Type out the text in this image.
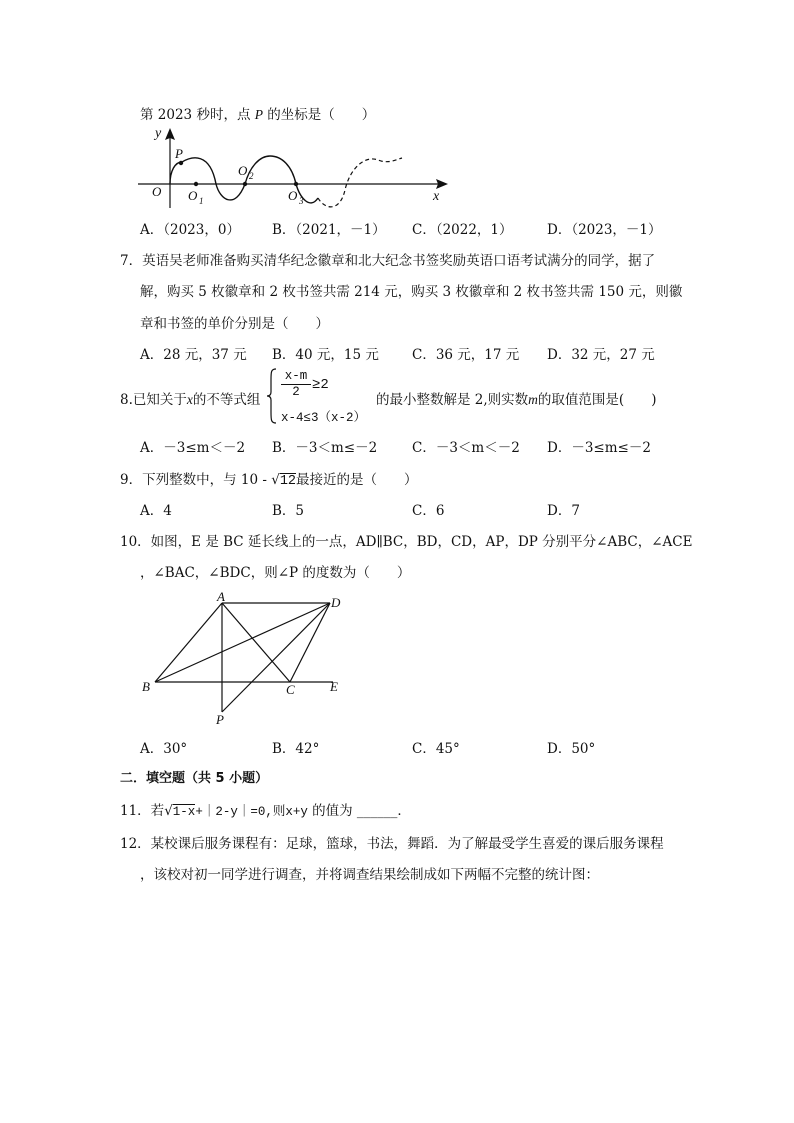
第 2023 秒时，点 P 的坐标是（　　）
y
x
O
P
O 1
O 2
O 3
A．（2023，0） B．（2021，－1） C．（2022，1）	D．（2023，－1）
7．英语吴老师准备购买清华纪念徽章和北大纪念书签奖励英语口语考试满分的同学，据了
解，购买 5 枚徽章和 2 枚书签共需 214 元，购买 3 枚徽章和 2 枚书签共需 150 元，则徽
章和书签的单价分别是（　　）
A．28 元，37 元 B．40 元，15 元 C．36 元，17 元 D．32 元，27 元
8.已知关于x的不等式组 $\frac{x-m}{2} \ge 2$
x-4≤3（x-2）
的最小整数解是 2,则实数m的取值范围是(　　)
A．－3≤m＜－2 B．－3＜m≤－2	C．－3＜m＜－2 D．－3≤m≤－2
9．下列整数中，与 10 - √12最接近的是（　　）
A．4	B．5	C．6	D．7
10．如图，E 是 BC 延长线上的一点，AD∥BC，BD，CD，AP，DP 分别平分∠ABC，∠ACE
，∠BAC，∠BDC，则∠P 的度数为（　　）
A	D
B	C	E
P
A．30°	B．42°	C．45°	D．50°
二．填空题（共 5 小题）
11．若√1-x+｜2-y｜=0,则x+y 的值为 ______．
12．某校课后服务课程有：足球，篮球，书法，舞蹈．为了解最受学生喜爱的课后服务课程
，该校对初一同学进行调查，并将调查结果绘制成如下两幅不完整的统计图：
